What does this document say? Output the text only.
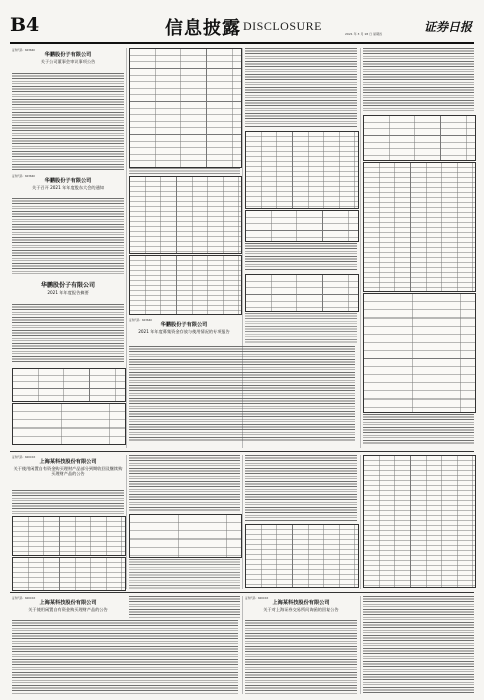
B4	信息披露 DISCLOSURE	证券日报
2021 年 3 月 18 日 星期四
证券代码：603660
华鹏股份子有限公司
关于公司董事会审议事项公告
证券代码：603660
华鹏股份子有限公司
关于召开 2021 年年度股东大会的通知
华鹏股份子有限公司
2021 年年度报告摘要
证券代码：603660
华鹏股份子有限公司
2021 年年度募集资金存放与使用情况的专项报告
证券代码：600XXX
上海某科技股份有限公司
关于使用闲置自有资金购买理财产品部分到期收回及继续购买理财产品的公告
证券代码：600XXX
上海某科技股份有限公司
关于使用闲置自有资金购买理财产品的公告
证券代码：600XXX
上海某科技股份有限公司
关于对上海证券交易所问询函的回复公告
